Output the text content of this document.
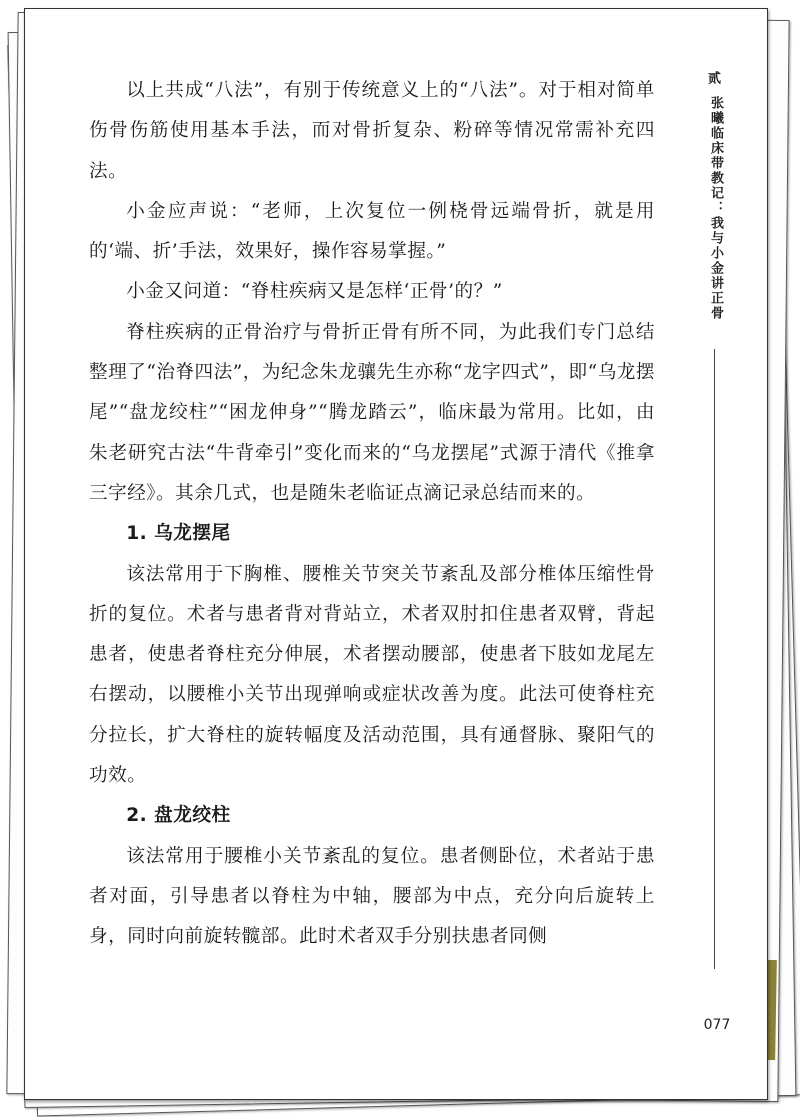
以上共成“八法”，有别于传统意义上的“八法”。对于相对简单伤骨伤筋使用基本手法，而对骨折复杂、粉碎等情况常需补充四法。

小金应声说：“老师，上次复位一例桡骨远端骨折，就是用的‘端、折’手法，效果好，操作容易掌握。”

小金又问道：“脊柱疾病又是怎样‘正骨’的？”

脊柱疾病的正骨治疗与骨折正骨有所不同，为此我们专门总结整理了“治脊四法”，为纪念朱龙骧先生亦称“龙字四式”，即“乌龙摆尾”“盘龙绞柱”“困龙伸身”“腾龙踏云”，临床最为常用。比如，由朱老研究古法“牛背牵引”变化而来的“乌龙摆尾”式源于清代《推拿三字经》。其余几式，也是随朱老临证点滴记录总结而来的。

1. 乌龙摆尾

该法常用于下胸椎、腰椎关节突关节紊乱及部分椎体压缩性骨折的复位。术者与患者背对背站立，术者双肘扣住患者双臂，背起患者，使患者脊柱充分伸展，术者摆动腰部，使患者下肢如龙尾左右摆动，以腰椎小关节出现弹响或症状改善为度。此法可使脊柱充分拉长，扩大脊柱的旋转幅度及活动范围，具有通督脉、聚阳气的功效。

2. 盘龙绞柱

该法常用于腰椎小关节紊乱的复位。患者侧卧位，术者站于患者对面，引导患者以脊柱为中轴，腰部为中点，充分向后旋转上身，同时向前旋转髋部。此时术者双手分别扶患者同侧

贰
张曦临床带教记：我与小金讲正骨
077
